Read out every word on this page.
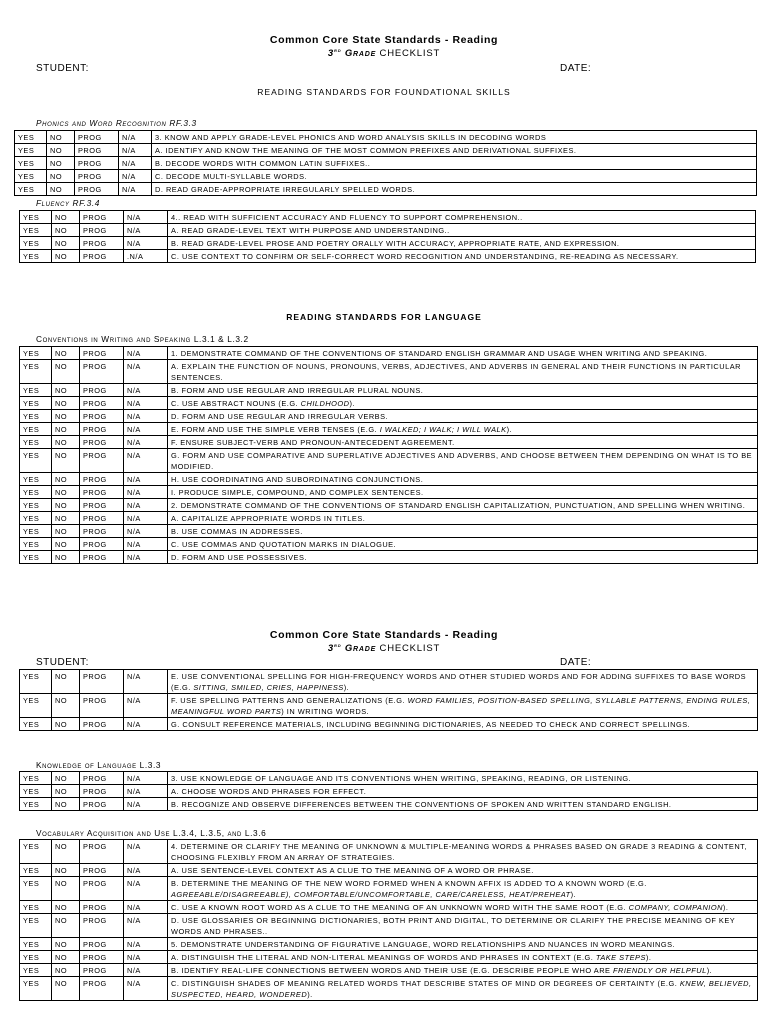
Common Core State Standards - Reading
3rd Grade CHECKLIST
STUDENT:	DATE:
READING STANDARDS FOR FOUNDATIONAL SKILLS
Phonics and Word Recognition RF.3.3
YES	NO	PROG	N/A	3. KNOW AND APPLY GRADE-LEVEL PHONICS AND WORD ANALYSIS SKILLS IN DECODING WORDS
YES	NO	PROG	N/A	A. IDENTIFY AND KNOW THE MEANING OF THE MOST COMMON PREFIXES AND DERIVATIONAL SUFFIXES.
YES	NO	PROG	N/A	B. DECODE WORDS WITH COMMON LATIN SUFFIXES..
YES	NO	PROG	N/A	C. DECODE MULTI-SYLLABLE WORDS.
YES	NO	PROG	N/A	D. READ GRADE-APPROPRIATE IRREGULARLY SPELLED WORDS.
Fluency RF.3.4
YES	NO	PROG	N/A	4.. READ WITH SUFFICIENT ACCURACY AND FLUENCY TO SUPPORT COMPREHENSION..
YES	NO	PROG	N/A	A. READ GRADE-LEVEL TEXT WITH PURPOSE AND UNDERSTANDING..
YES	NO	PROG	N/A	B. READ GRADE-LEVEL PROSE AND POETRY ORALLY WITH ACCURACY, APPROPRIATE RATE, AND EXPRESSION.
YES	NO	PROG	.N/A	C. USE CONTEXT TO CONFIRM OR SELF-CORRECT WORD RECOGNITION AND UNDERSTANDING, RE-READING AS NECESSARY.
READING STANDARDS FOR LANGUAGE
Conventions in Writing and Speaking L.3.1 & L.3.2
YES	NO	PROG	N/A	1. DEMONSTRATE COMMAND OF THE CONVENTIONS OF STANDARD ENGLISH GRAMMAR AND USAGE WHEN WRITING AND SPEAKING.
YES	NO	PROG	N/A	A. EXPLAIN THE FUNCTION OF NOUNS, PRONOUNS, VERBS, ADJECTIVES, AND ADVERBS IN GENERAL AND THEIR FUNCTIONS IN PARTICULAR SENTENCES.
YES	NO	PROG	N/A	B. FORM AND USE REGULAR AND IRREGULAR PLURAL NOUNS.
YES	NO	PROG	N/A	C. USE ABSTRACT NOUNS (E.G. CHILDHOOD).
YES	NO	PROG	N/A	D. FORM AND USE REGULAR AND IRREGULAR VERBS.
YES	NO	PROG	N/A	E. FORM AND USE THE SIMPLE VERB TENSES (E.G. I WALKED; I WALK; I WILL WALK).
YES	NO	PROG	N/A	F. ENSURE SUBJECT-VERB AND PRONOUN-ANTECEDENT AGREEMENT.
YES	NO	PROG	N/A	G. FORM AND USE COMPARATIVE AND SUPERLATIVE ADJECTIVES AND ADVERBS, AND CHOOSE BETWEEN THEM DEPENDING ON WHAT IS TO BE MODIFIED.
YES	NO	PROG	N/A	H. USE COORDINATING AND SUBORDINATING CONJUNCTIONS.
YES	NO	PROG	N/A	I. PRODUCE SIMPLE, COMPOUND, AND COMPLEX SENTENCES.
YES	NO	PROG	N/A	2. DEMONSTRATE COMMAND OF THE CONVENTIONS OF STANDARD ENGLISH CAPITALIZATION, PUNCTUATION, AND SPELLING WHEN WRITING.
YES	NO	PROG	N/A	A. CAPITALIZE APPROPRIATE WORDS IN TITLES.
YES	NO	PROG	N/A	B. USE COMMAS IN ADDRESSES.
YES	NO	PROG	N/A	C. USE COMMAS AND QUOTATION MARKS IN DIALOGUE.
YES	NO	PROG	N/A	D. FORM AND USE POSSESSIVES.
Common Core State Standards - Reading
3rd Grade CHECKLIST
STUDENT:	DATE:
YES	NO	PROG	N/A	E. USE CONVENTIONAL SPELLING FOR HIGH-FREQUENCY WORDS AND OTHER STUDIED WORDS AND FOR ADDING SUFFIXES TO BASE WORDS (E.G. SITTING, SMILED, CRIES, HAPPINESS).
YES	NO	PROG	N/A	F. USE SPELLING PATTERNS AND GENERALIZATIONS (E.G. WORD FAMILIES, POSITION-BASED SPELLING, SYLLABLE PATTERNS, ENDING RULES, MEANINGFUL WORD PARTS) IN WRITING WORDS.
YES	NO	PROG	N/A	G. CONSULT REFERENCE MATERIALS, INCLUDING BEGINNING DICTIONARIES, AS NEEDED TO CHECK AND CORRECT SPELLINGS.
Knowledge of Language L.3.3
YES	NO	PROG	N/A	3. USE KNOWLEDGE OF LANGUAGE AND ITS CONVENTIONS WHEN WRITING, SPEAKING, READING, OR LISTENING.
YES	NO	PROG	N/A	A. CHOOSE WORDS AND PHRASES FOR EFFECT.
YES	NO	PROG	N/A	B. RECOGNIZE AND OBSERVE DIFFERENCES BETWEEN THE CONVENTIONS OF SPOKEN AND WRITTEN STANDARD ENGLISH.
Vocabulary Acquisition and Use L.3.4, L.3.5, and L.3.6
YES	NO	PROG	N/A	4. DETERMINE OR CLARIFY THE MEANING OF UNKNOWN & MULTIPLE-MEANING WORDS & PHRASES BASED ON GRADE 3 READING & CONTENT, CHOOSING FLEXIBLY FROM AN ARRAY OF STRATEGIES.
YES	NO	PROG	N/A	A. USE SENTENCE-LEVEL CONTEXT AS A CLUE TO THE MEANING OF A WORD OR PHRASE.
YES	NO	PROG	N/A	B. DETERMINE THE MEANING OF THE NEW WORD FORMED WHEN A KNOWN AFFIX IS ADDED TO A KNOWN WORD (E.G. AGREEABLE/DISAGREEABLE), COMFORTABLE/UNCOMFORTABLE, CARE/CARELESS, HEAT/PREHEAT).
YES	NO	PROG	N/A	C. USE A KNOWN ROOT WORD AS A CLUE TO THE MEANING OF AN UNKNOWN WORD WITH THE SAME ROOT (E.G. COMPANY, COMPANION).
YES	NO	PROG	N/A	D. USE GLOSSARIES OR BEGINNING DICTIONARIES, BOTH PRINT AND DIGITAL, TO DETERMINE OR CLARIFY THE PRECISE MEANING OF KEY WORDS AND PHRASES..
YES	NO	PROG	N/A	5. DEMONSTRATE UNDERSTANDING OF FIGURATIVE LANGUAGE, WORD RELATIONSHIPS AND NUANCES IN WORD MEANINGS.
YES	NO	PROG	N/A	A. DISTINGUISH THE LITERAL AND NON-LITERAL MEANINGS OF WORDS AND PHRASES IN CONTEXT (E.G. TAKE STEPS).
YES	NO	PROG	N/A	B. IDENTIFY REAL-LIFE CONNECTIONS BETWEEN WORDS AND THEIR USE (E.G. DESCRIBE PEOPLE WHO ARE FRIENDLY OR HELPFUL).
YES	NO	PROG	N/A	C. DISTINGUISH SHADES OF MEANING RELATED WORDS THAT DESCRIBE STATES OF MIND OR DEGREES OF CERTAINTY (E.G. KNEW, BELIEVED, SUSPECTED, HEARD, WONDERED).
